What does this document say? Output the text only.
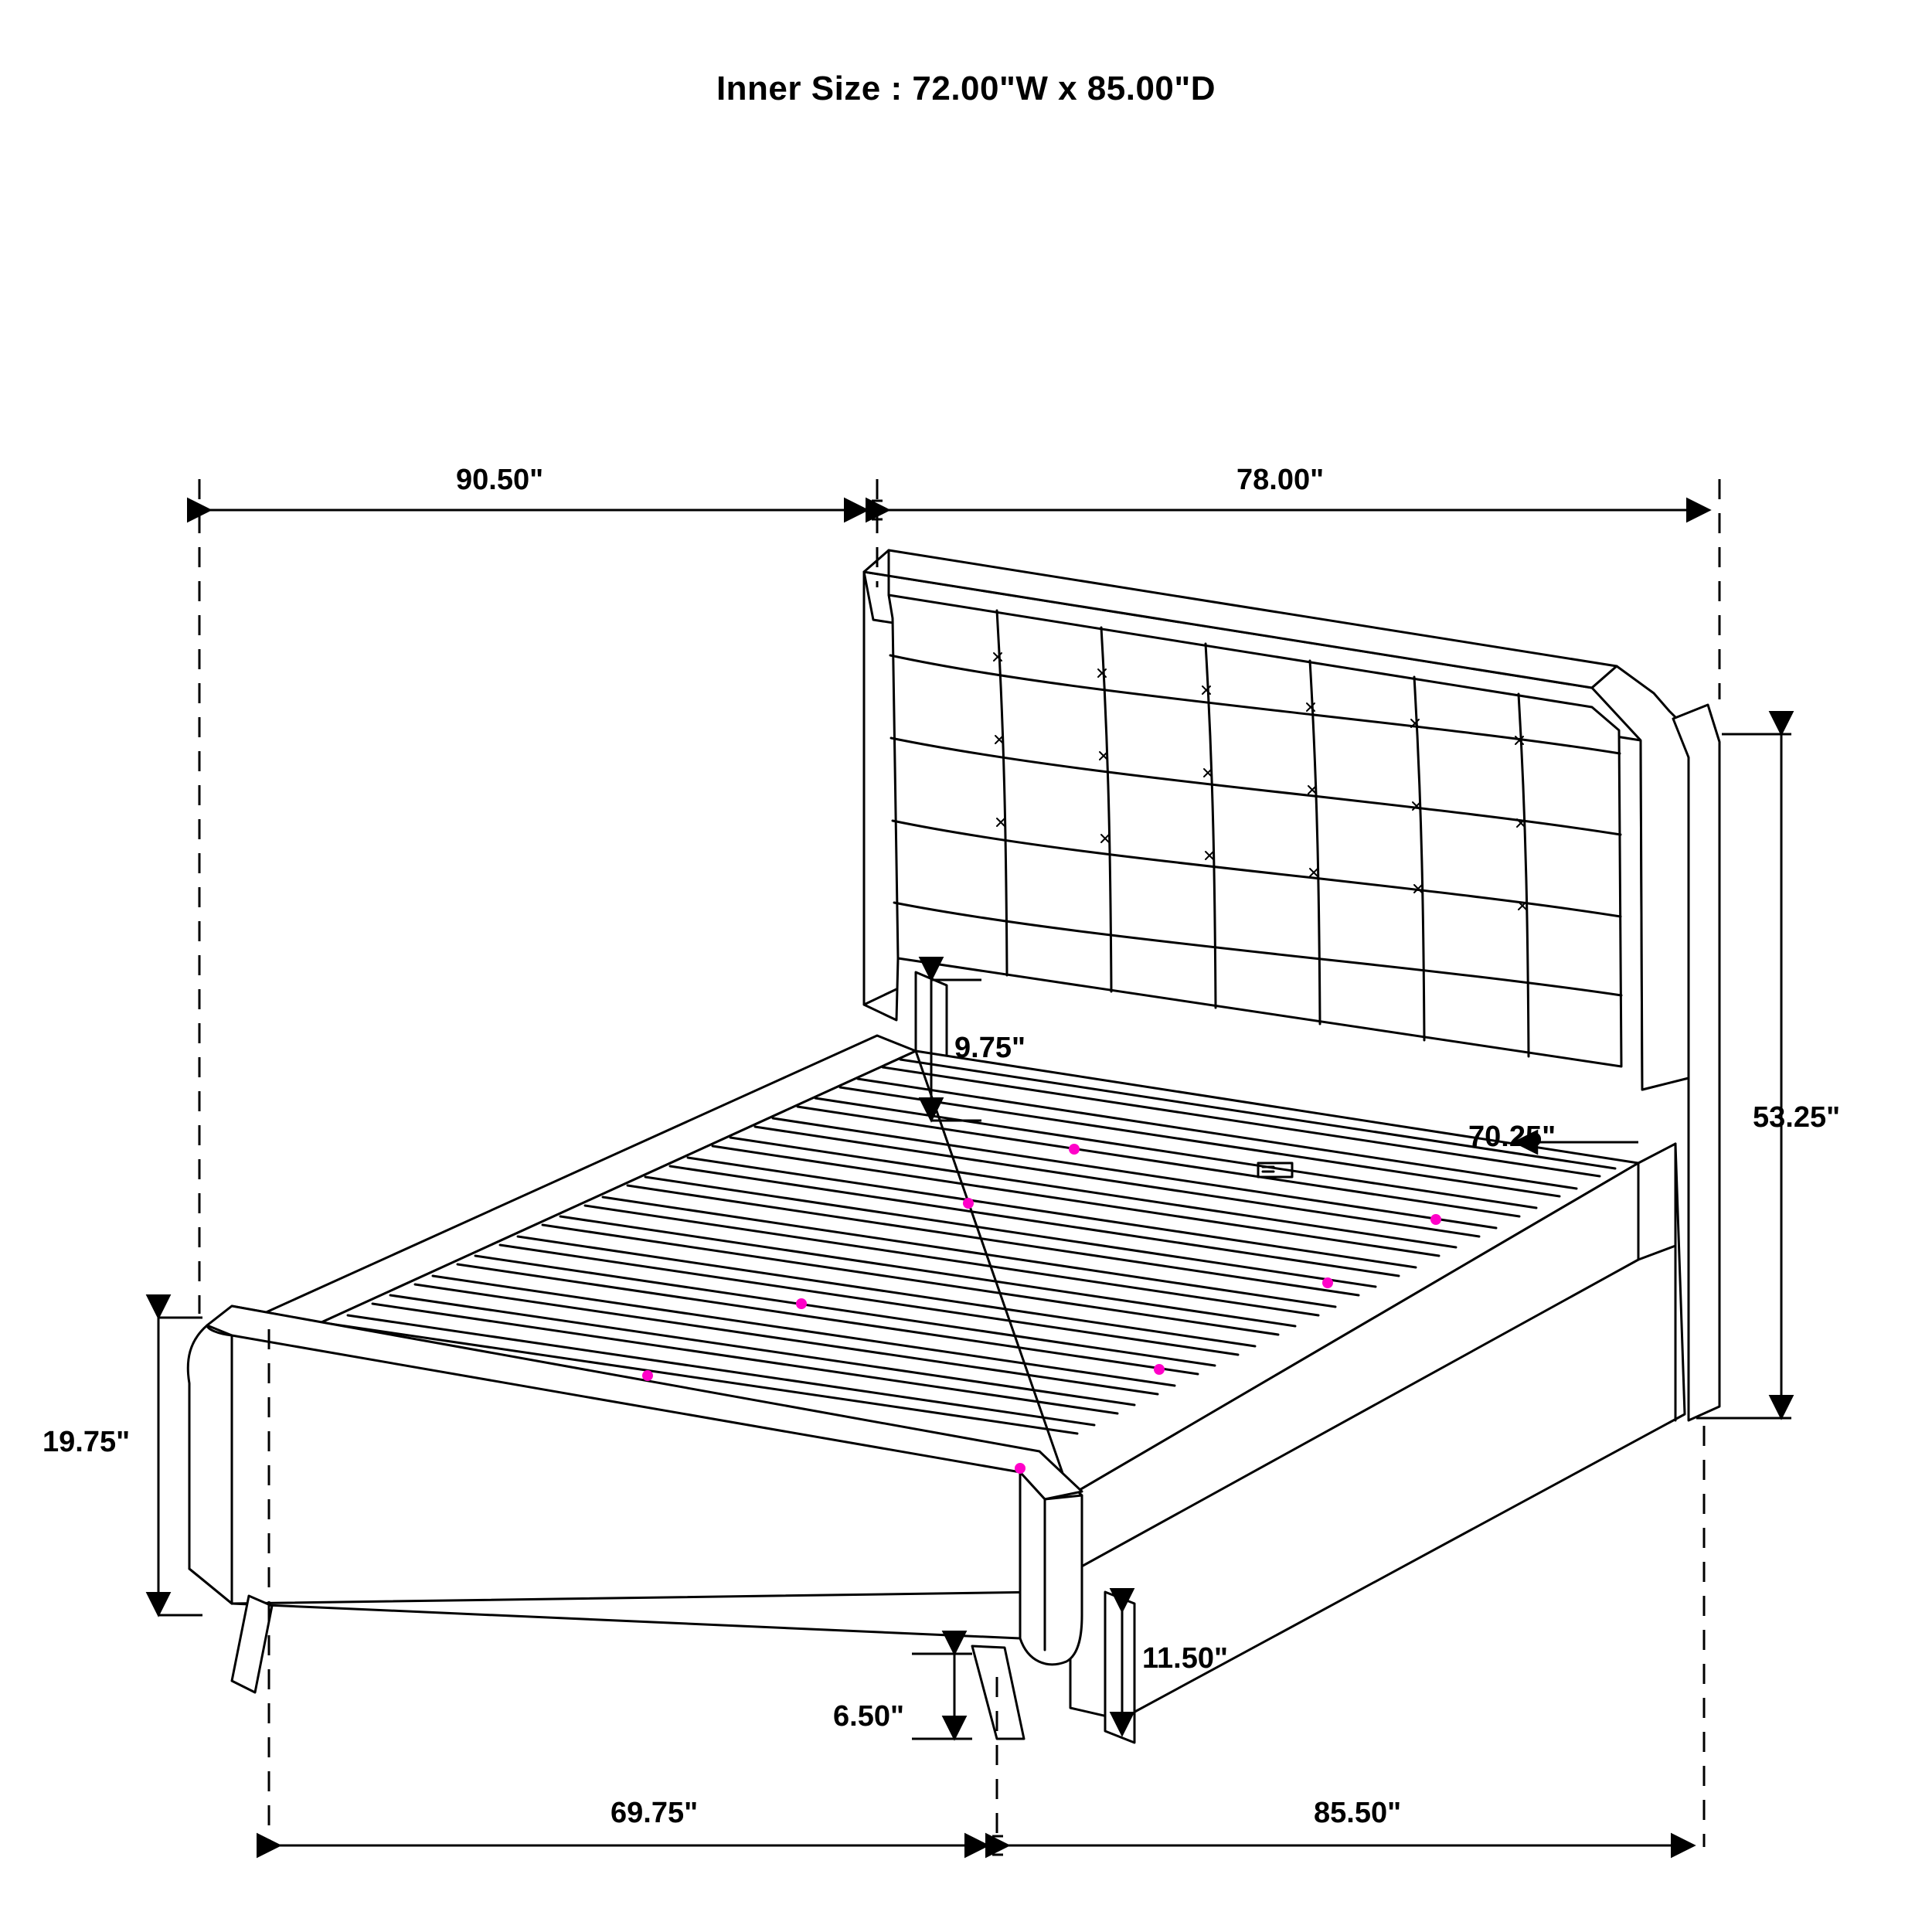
Inner Size : 72.00"W x 85.00"D
90.50"	78.00"
9.75"
70.25"
53.25"
19.75"
11.50"
6.50"
69.75"	85.50"
